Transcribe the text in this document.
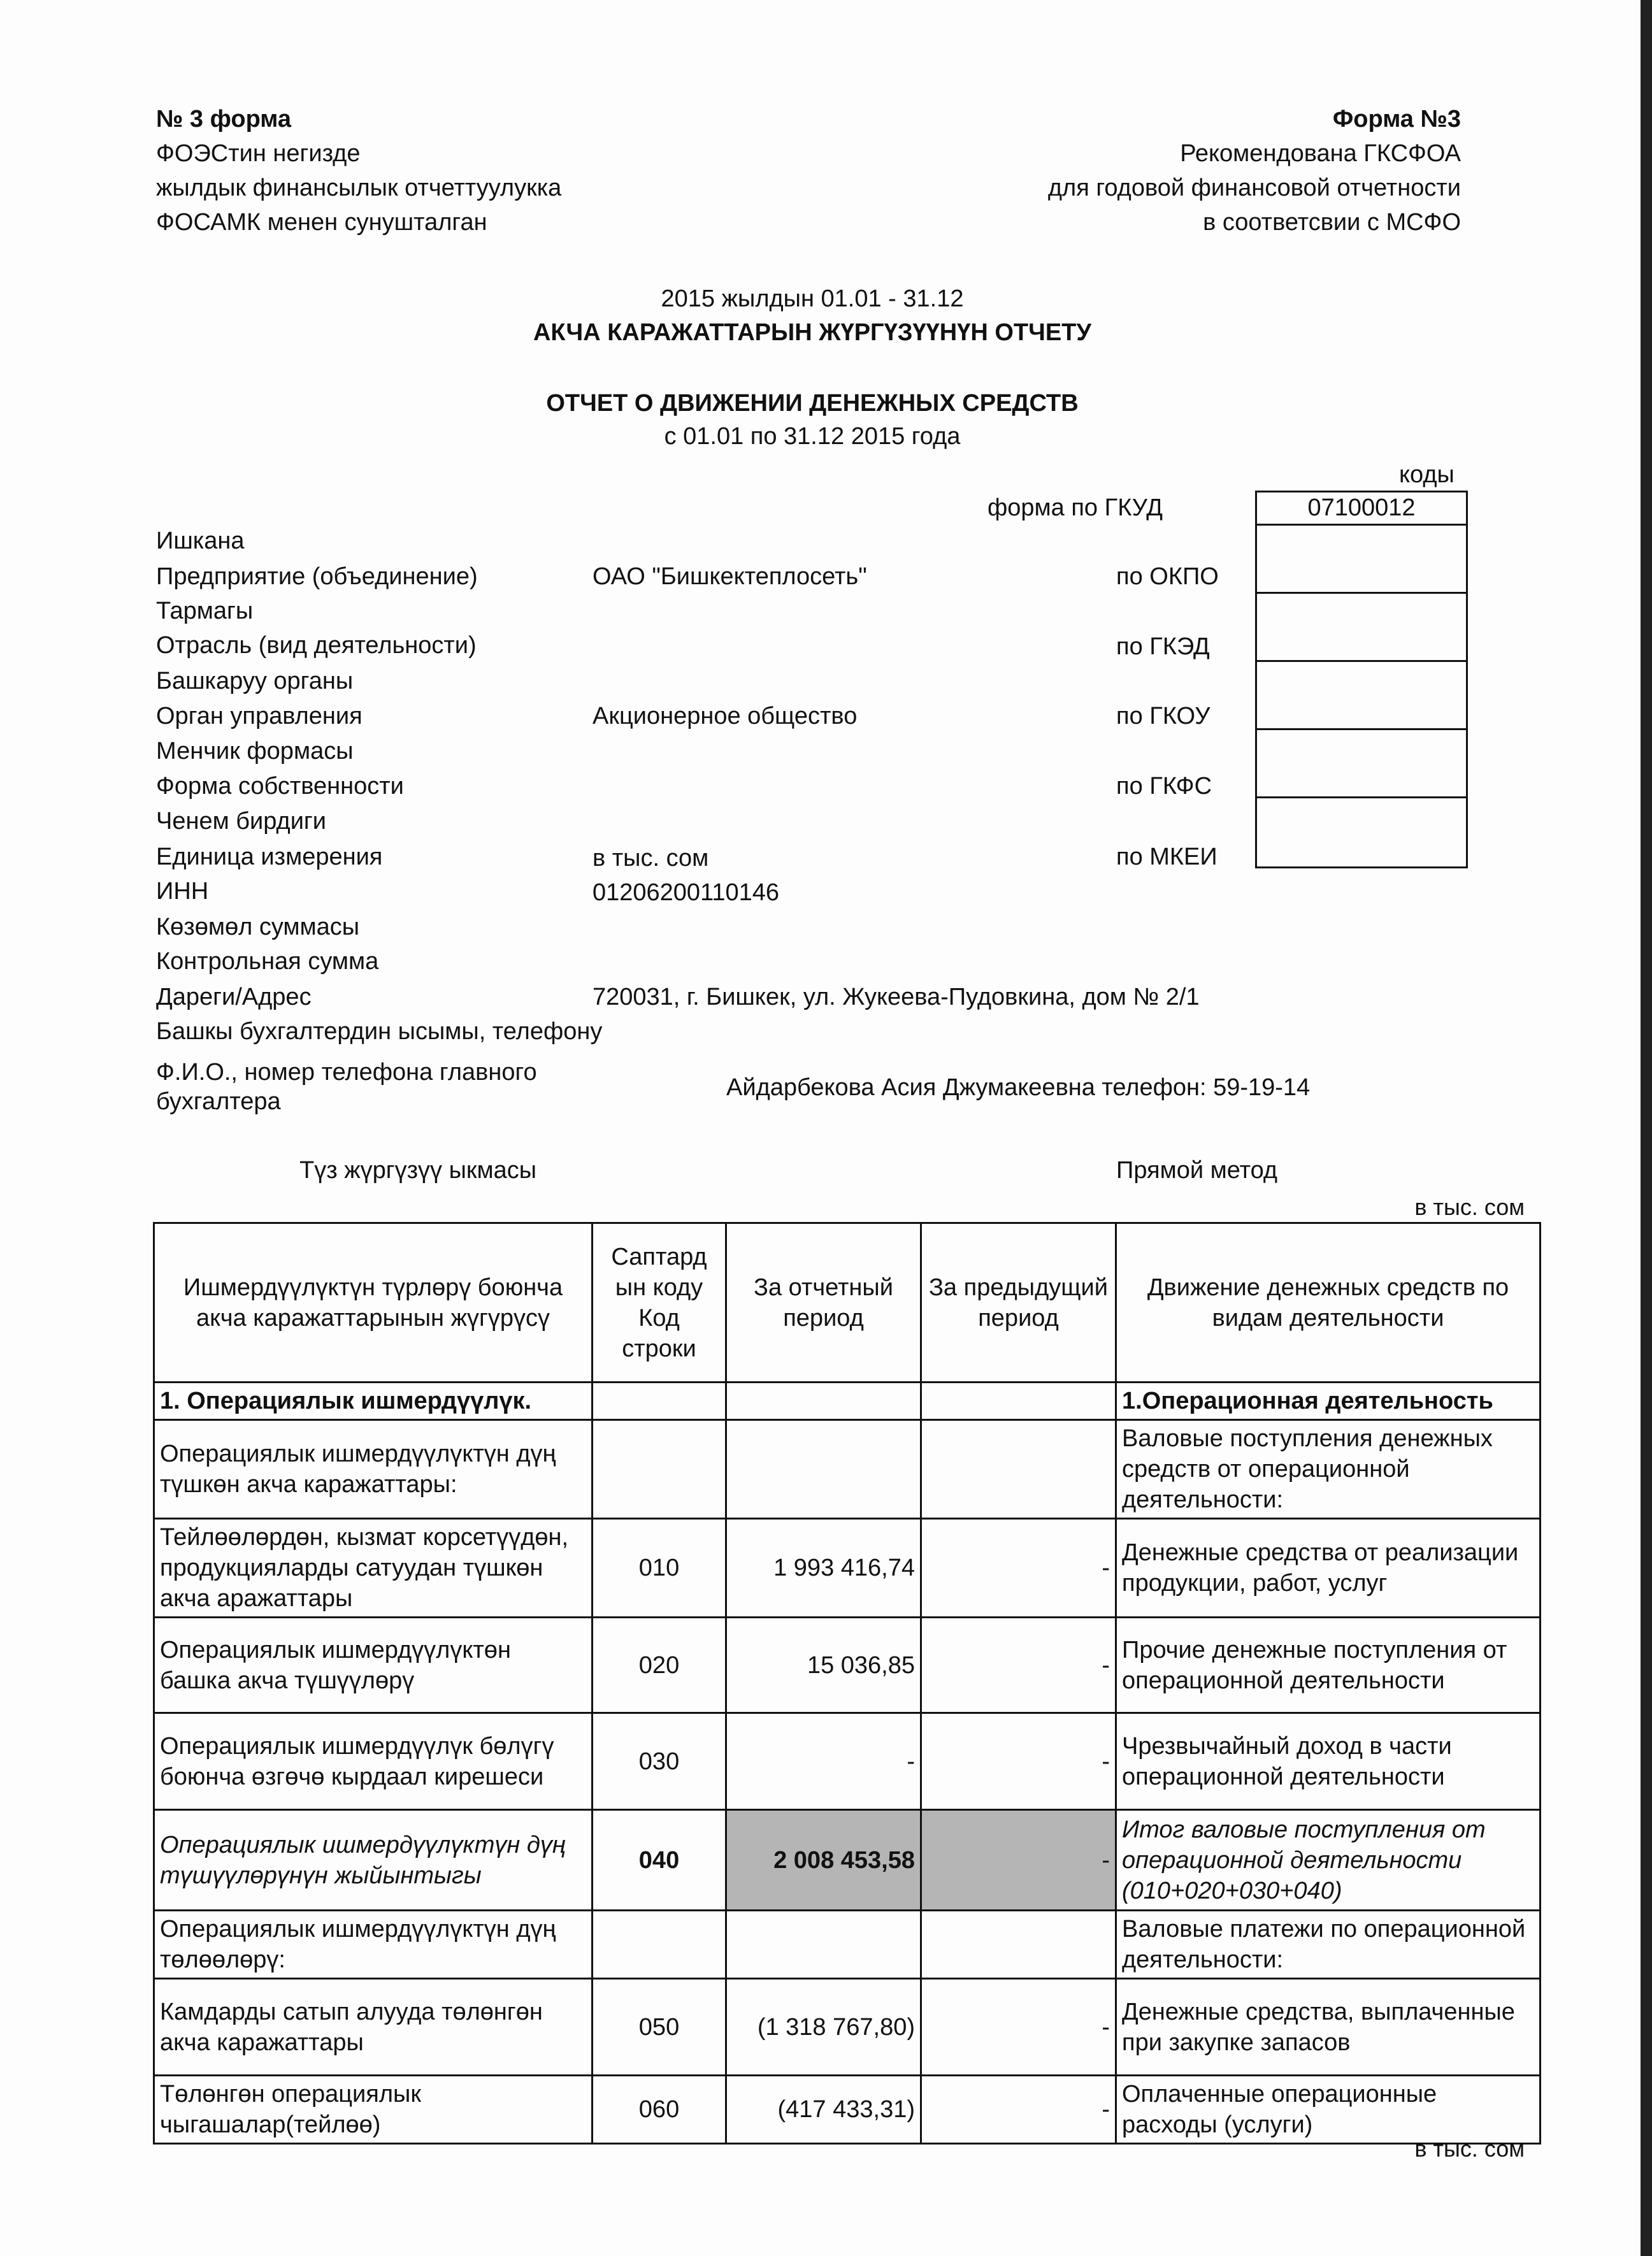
№ 3 форма
ФОЭСтин негизде
жылдык финансылык отчеттуулукка
ФОСАМК менен сунушталган
Форма №3
Рекомендована ГКСФОА
для годовой финансовой отчетности
в соответсвии с МСФО
2015 жылдын 01.01 - 31.12
АКЧА КАРАЖАТТАРЫН ЖҮРГҮЗҮҮНҮН ОТЧЕТУ
ОТЧЕТ О ДВИЖЕНИИ ДЕНЕЖНЫХ СРЕДСТВ
с 01.01 по 31.12 2015 года
коды
форма по ГКУД	07100012
Ишкана
Предприятие (объединение)	ОАО "Бишкектеплосеть"	по ОКПО
Тармагы
Отрасль (вид деятельности)	по ГКЭД
Башкаруу органы
Орган управления	Акционерное общество	по ГКОУ
Менчик формасы
Форма собственности	по ГКФС
Ченем бирдиги
Единица измерения	в тыс. сом	по МКЕИ
ИНН	01206200110146
Көзөмөл суммасы
Контрольная сумма
Дареги/Адрес	720031, г. Бишкек, ул. Жукеева-Пудовкина, дом № 2/1
Башкы бухгалтердин ысымы, телефону
Ф.И.О., номер телефона главного
бухгалтера
Айдарбекова Асия Джумакеевна телефон: 59-19-14
Түз жүргүзүү ыкмасы	Прямой метод
в тыс. сом
Ишмердүүлүктүн түрлөрү боюнча акча каражаттарынын жүгүрүсү	Саптард ын коду Код строки	За отчетный период	За предыдущий период	Движение денежных средств по видам деятельности
1. Операциялык ишмердүүлүк.				1.Операционная деятельность
Операциялык ишмердүүлүктүн дүң түшкөн акча каражаттары:				Валовые поступления денежных средств от операционной деятельности:
Тейлөөлөрдөн, кызмат корсетүүдөн, продукцияларды сатуудан түшкөн акча аражаттары	010	1 993 416,74	-	Денежные средства от реализации продукции, работ, услуг
Операциялык ишмердүүлүктөн башка акча түшүүлөрү	020	15 036,85	-	Прочие денежные поступления от операционной деятельности
Операциялык ишмердүүлүк бөлүгү боюнча өзгөчө кырдаал кирешеси	030	-	-	Чрезвычайный доход в части операционной деятельности
Операциялык ишмердүүлүктүн дүң түшүүлөрүнүн жыйынтыгы	040	2 008 453,58	-	Итог валовые поступления от операционной деятельности (010+020+030+040)
Операциялык ишмердүүлүктүн дүң төлөөлөрү:				Валовые платежи по операционной деятельности:
Камдарды сатып алууда төлөнгөн акча каражаттары	050	(1 318 767,80)	-	Денежные средства, выплаченные при закупке запасов
Төлөнгөн операциялык чыгашалар(тейлөө)	060	(417 433,31)	-	Оплаченные операционные расходы (услуги)
в тыс. сом
